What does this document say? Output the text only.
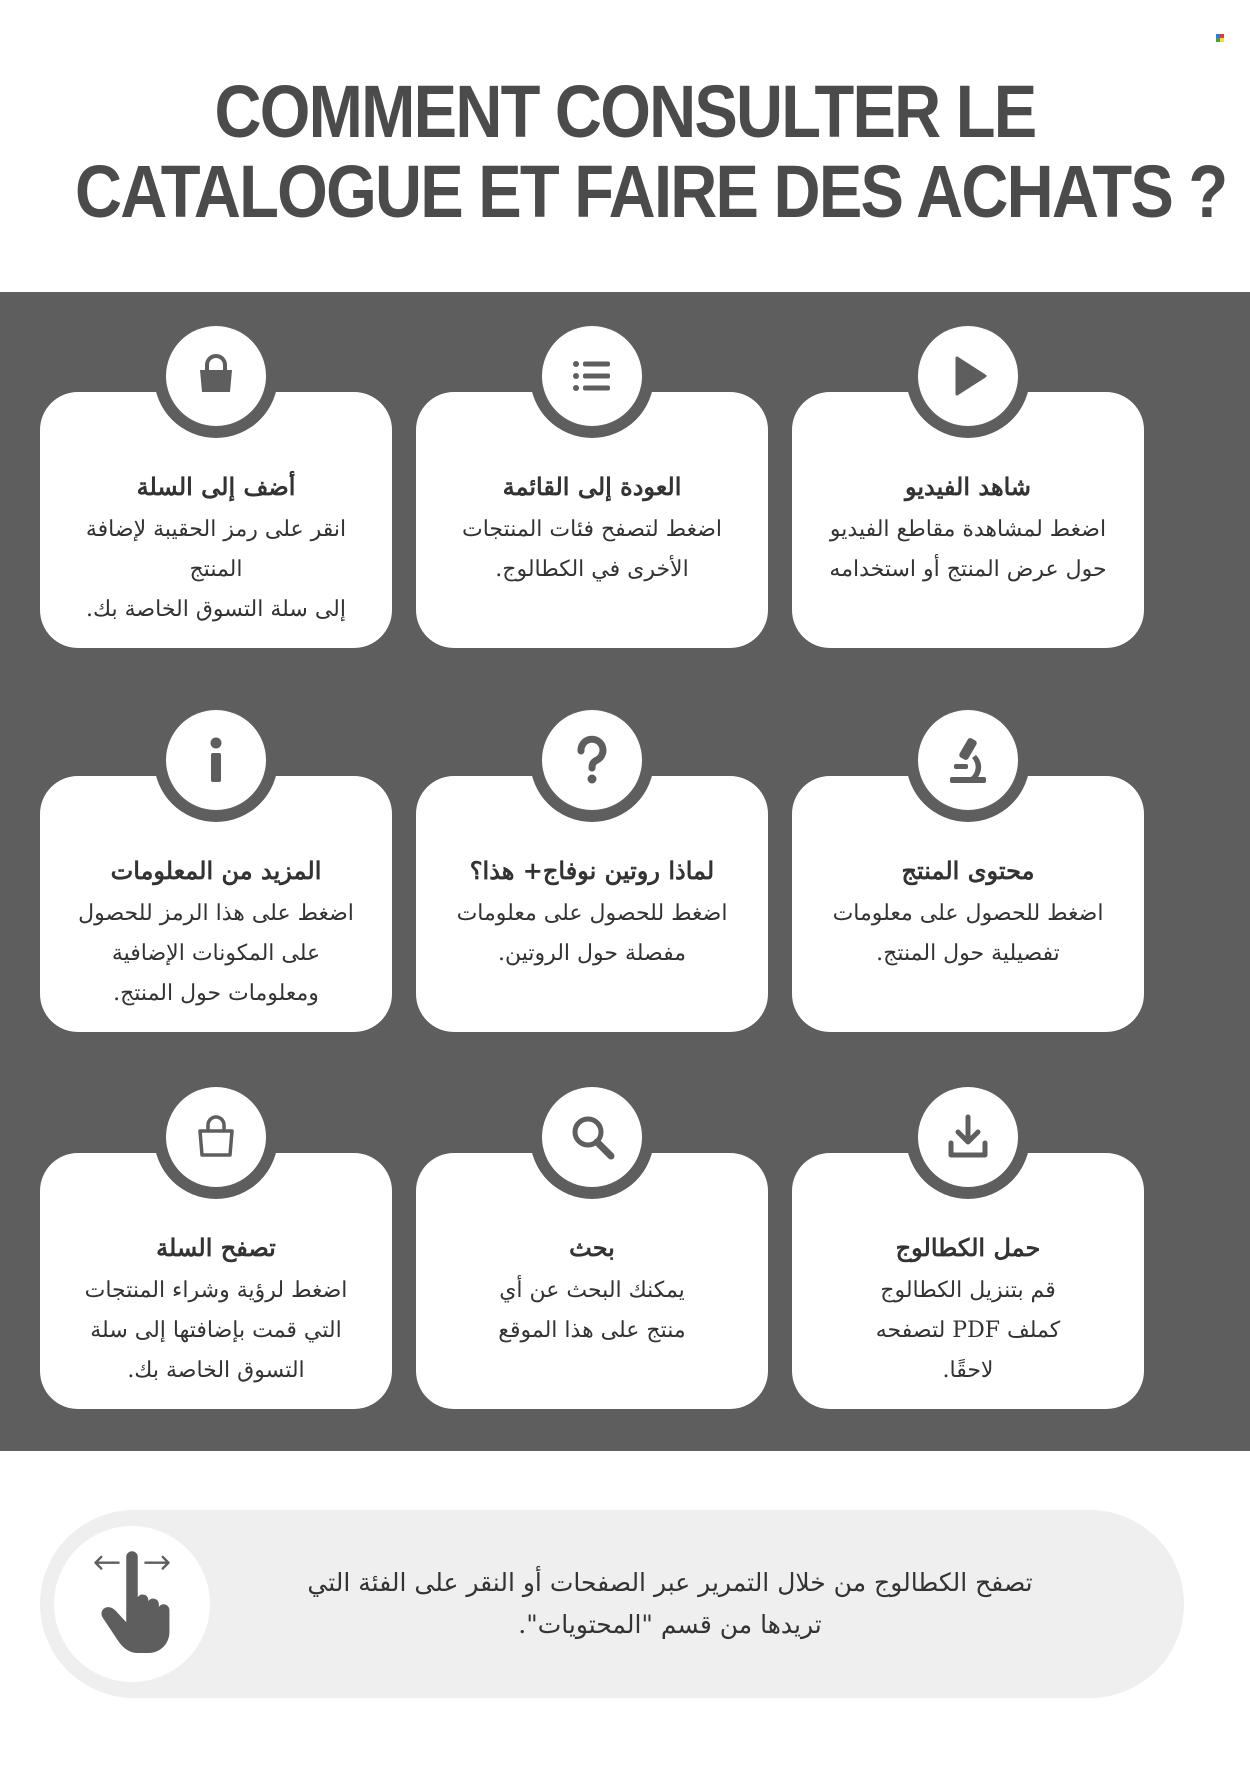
COMMENT CONSULTER LE
CATALOGUE ET FAIRE DES ACHATS ?
أضف إلى السلة

انقر على رمز الحقيبة لإضافة المنتج
إلى سلة التسوق الخاصة بك.

العودة إلى القائمة

اضغط لتصفح فئات المنتجات
الأخرى في الكطالوج.

شاهد الفيديو

اضغط لمشاهدة مقاطع الفيديو
حول عرض المنتج أو استخدامه

المزيد من المعلومات

اضغط على هذا الرمز للحصول
على المكونات الإضافية
ومعلومات حول المنتج.

لماذا روتين نوفاج+ هذا؟

اضغط للحصول على معلومات
مفصلة حول الروتين.

محتوى المنتج

اضغط للحصول على معلومات
تفصيلية حول المنتج.

تصفح السلة

اضغط لرؤية وشراء المنتجات
التي قمت بإضافتها إلى سلة
التسوق الخاصة بك.

بحث

يمكنك البحث عن أي
منتج على هذا الموقع

حمل الكطالوج

قم بتنزيل الكطالوج
كملف PDF لتصفحه
لاحقًا.

تصفح الكطالوج من خلال التمرير عبر الصفحات أو النقر على الفئة التي
تريدها من قسم "المحتويات".
